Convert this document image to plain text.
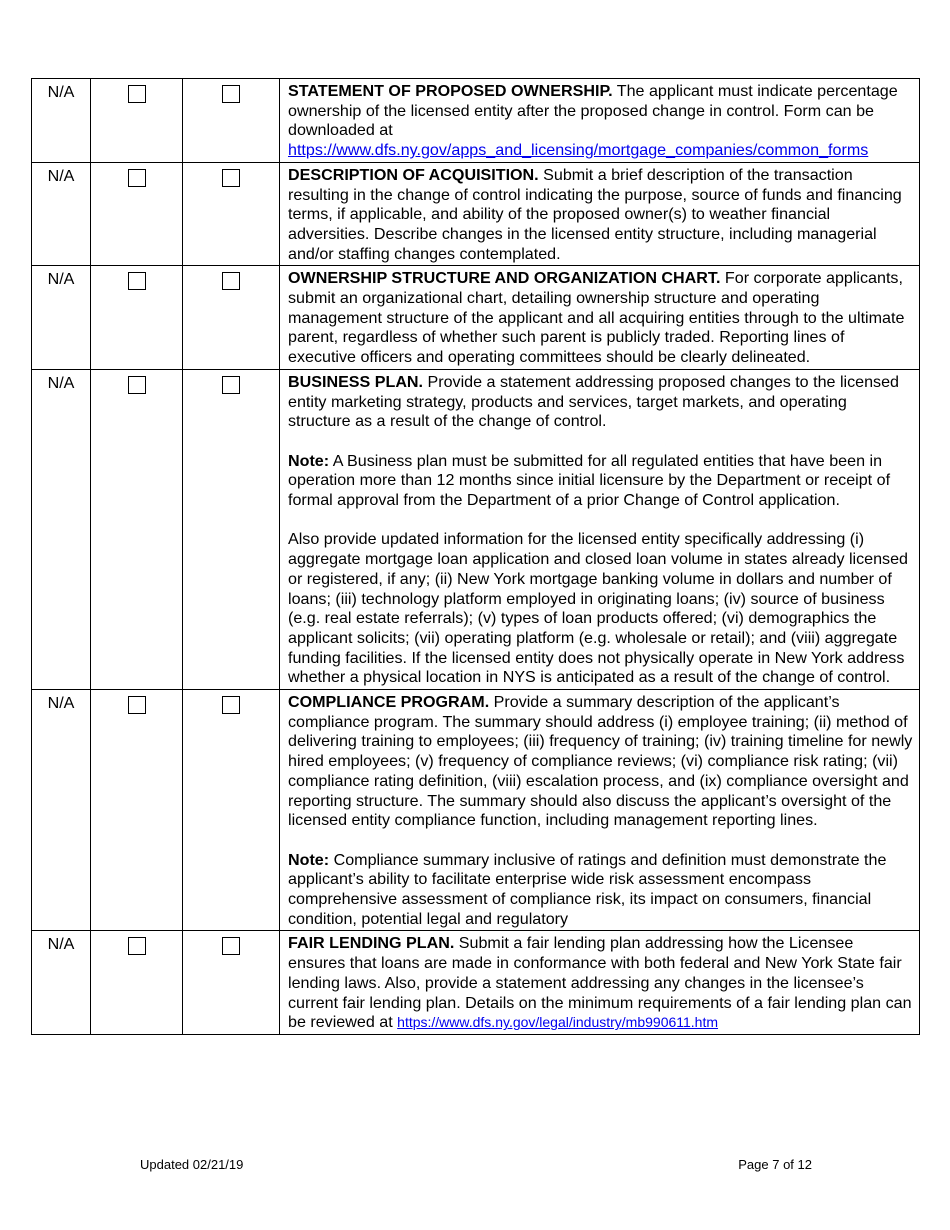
N/A			STATEMENT OF PROPOSED OWNERSHIP. The applicant must indicate percentage ownership of the licensed entity after the proposed change in control. Form can be downloaded at https://www.dfs.ny.gov/apps_and_licensing/mortgage_companies/common_forms

N/A			DESCRIPTION OF ACQUISITION. Submit a brief description of the transaction resulting in the change of control indicating the purpose, source of funds and financing terms, if applicable, and ability of the proposed owner(s) to weather financial adversities. Describe changes in the licensed entity structure, including managerial and/or staffing changes contemplated.

N/A			OWNERSHIP STRUCTURE AND ORGANIZATION CHART. For corporate applicants, submit an organizational chart, detailing ownership structure and operating management structure of the applicant and all acquiring entities through to the ultimate parent, regardless of whether such parent is publicly traded. Reporting lines of executive officers and operating committees should be clearly delineated.

N/A			BUSINESS PLAN. Provide a statement addressing proposed changes to the licensed entity marketing strategy, products and services, target markets, and operating structure as a result of the change of control.
Note: A Business plan must be submitted for all regulated entities that have been in operation more than 12 months since initial licensure by the Department or receipt of formal approval from the Department of a prior Change of Control application.
Also provide updated information for the licensed entity specifically addressing (i) aggregate mortgage loan application and closed loan volume in states already licensed or registered, if any; (ii) New York mortgage banking volume in dollars and number of loans; (iii) technology platform employed in originating loans; (iv) source of business (e.g. real estate referrals); (v) types of loan products offered; (vi) demographics the applicant solicits; (vii) operating platform (e.g. wholesale or retail); and (viii) aggregate funding facilities. If the licensed entity does not physically operate in New York address whether a physical location in NYS is anticipated as a result of the change of control.

N/A			COMPLIANCE PROGRAM. Provide a summary description of the applicant’s compliance program. The summary should address (i) employee training; (ii) method of delivering training to employees; (iii) frequency of training; (iv) training timeline for newly hired employees; (v) frequency of compliance reviews; (vi) compliance risk rating; (vii) compliance rating definition, (viii) escalation process, and (ix) compliance oversight and reporting structure. The summary should also discuss the applicant’s oversight of the licensed entity compliance function, including management reporting lines.
Note: Compliance summary inclusive of ratings and definition must demonstrate the applicant’s ability to facilitate enterprise wide risk assessment encompass comprehensive assessment of compliance risk, its impact on consumers, financial condition, potential legal and regulatory

N/A			FAIR LENDING PLAN. Submit a fair lending plan addressing how the Licensee ensures that loans are made in conformance with both federal and New York State fair lending laws. Also, provide a statement addressing any changes in the licensee’s current fair lending plan. Details on the minimum requirements of a fair lending plan can be reviewed at https://www.dfs.ny.gov/legal/industry/mb990611.htm
Updated 02/21/19	Page 7 of 12
